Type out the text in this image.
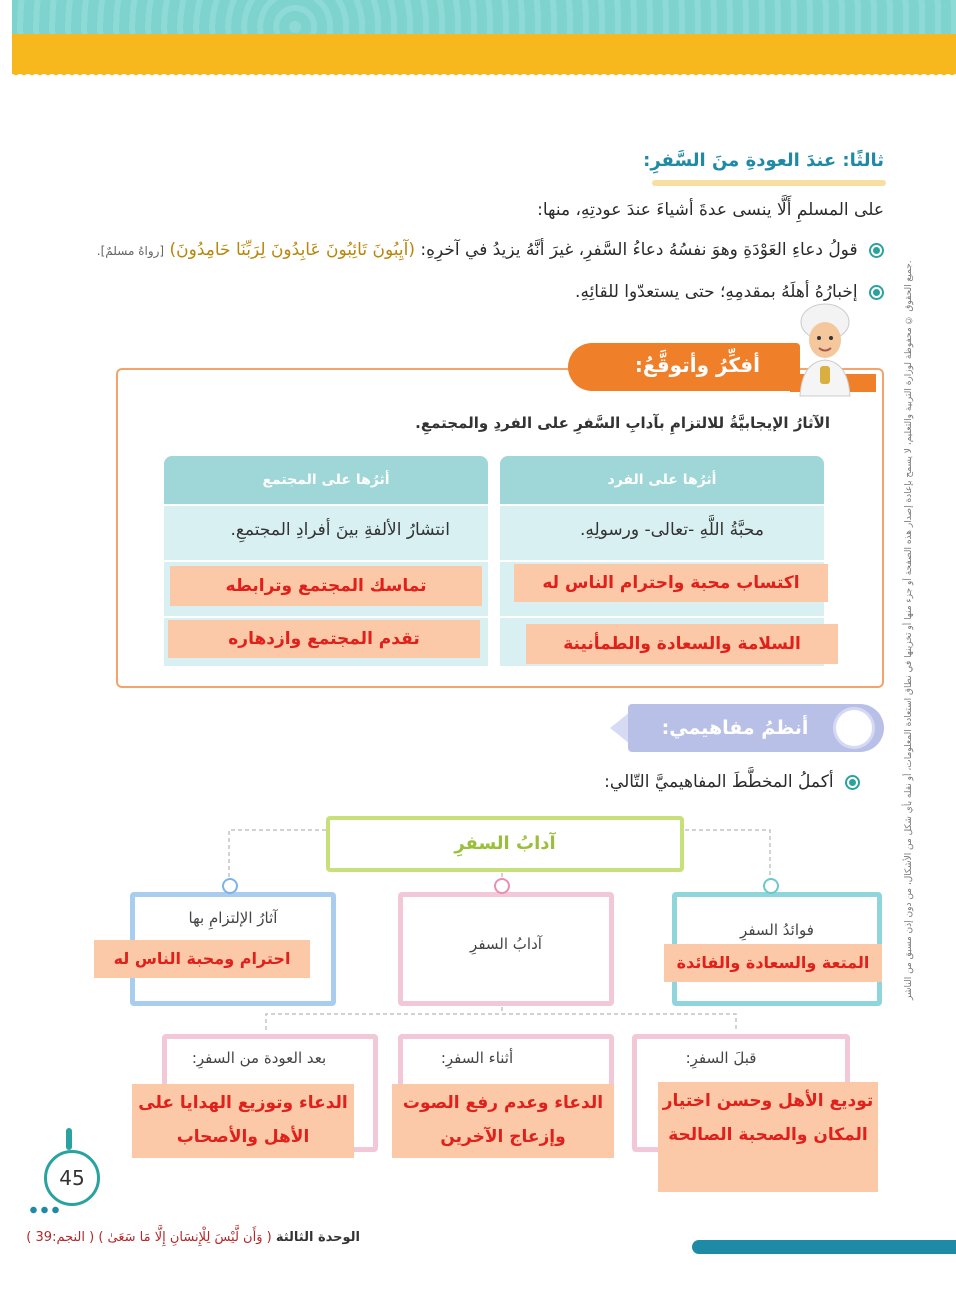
جميع الحقوق © محفوظة لوزارة التربية والتعليم، لا يسمح بإعادة إصدار هذه الصفحة أو جزء منها أو تخزينها في نطاق استعادة المعلومات، أو نقله بأي شكل من الأشكال، من دون إذن مسبق من الناشر.
ثالثًا: عندَ العودةِ منَ السَّفرِ:
على المسلمِ أَلَّا ينسى عدةَ أشياءَ عندَ عودتِهِ، منها:
قولُ دعاءِ العَوْدَةِ وهوَ نفسُهُ دعاءُ السَّفرِ، غيرَ أنَّهُ يزيدُ في آخرِهِ: (آيِبُونَ تَائِبُونَ عَابِدُونَ لِرَبِّنَا حَامِدُونَ) [رواهُ مسلمٌ].
إخبارُهُ أهلَهُ بمقدمِهِ؛ حتى يستعدّوا للقائِهِ.
أفكِّرُ وأتوقَّعُ:
الآثارُ الإيجابيَّةُ للالتزامِ بآدابِ السَّفرِ على الفردِ والمجتمعِ.
أثرُها على الفرد
محبَّةُ اللَّهِ -تعالى- ورسولِهِ.
أثرُها على المجتمع
انتشارُ الألفةِ بينَ أفرادِ المجتمعِ.
اكتساب محبة واحترام الناس له
تماسك المجتمع وترابطه
السلامة والسعادة والطمأنينة
تقدم المجتمع وازدهاره
أنظمُ مفاهيمي:
أكملُ المخطَّطَ المفاهيميَّ التّالي:
آدابُ السفرِ
فوائدُ السفرِ
آدابُ السفرِ
آثارُ الإلتزامِ بها
المتعة والسعادة والفائدة
احترام ومحبة الناس له
قبلَ السفرِ:
أثناء السفرِ:
بعد العودة من السفرِ:
توديع الأهل وحسن اختيار المكان والصحبة الصالحة
الدعاء وعدم رفع الصوت وإزعاج الآخرين
الدعاء وتوزيع الهدايا على الأهل والأصحاب
45
الوحدة الثالثة ( وَأَن لَّيْسَ لِلْإِنسَانِ إِلَّا مَا سَعَىٰ ) ( النجم:39 )
